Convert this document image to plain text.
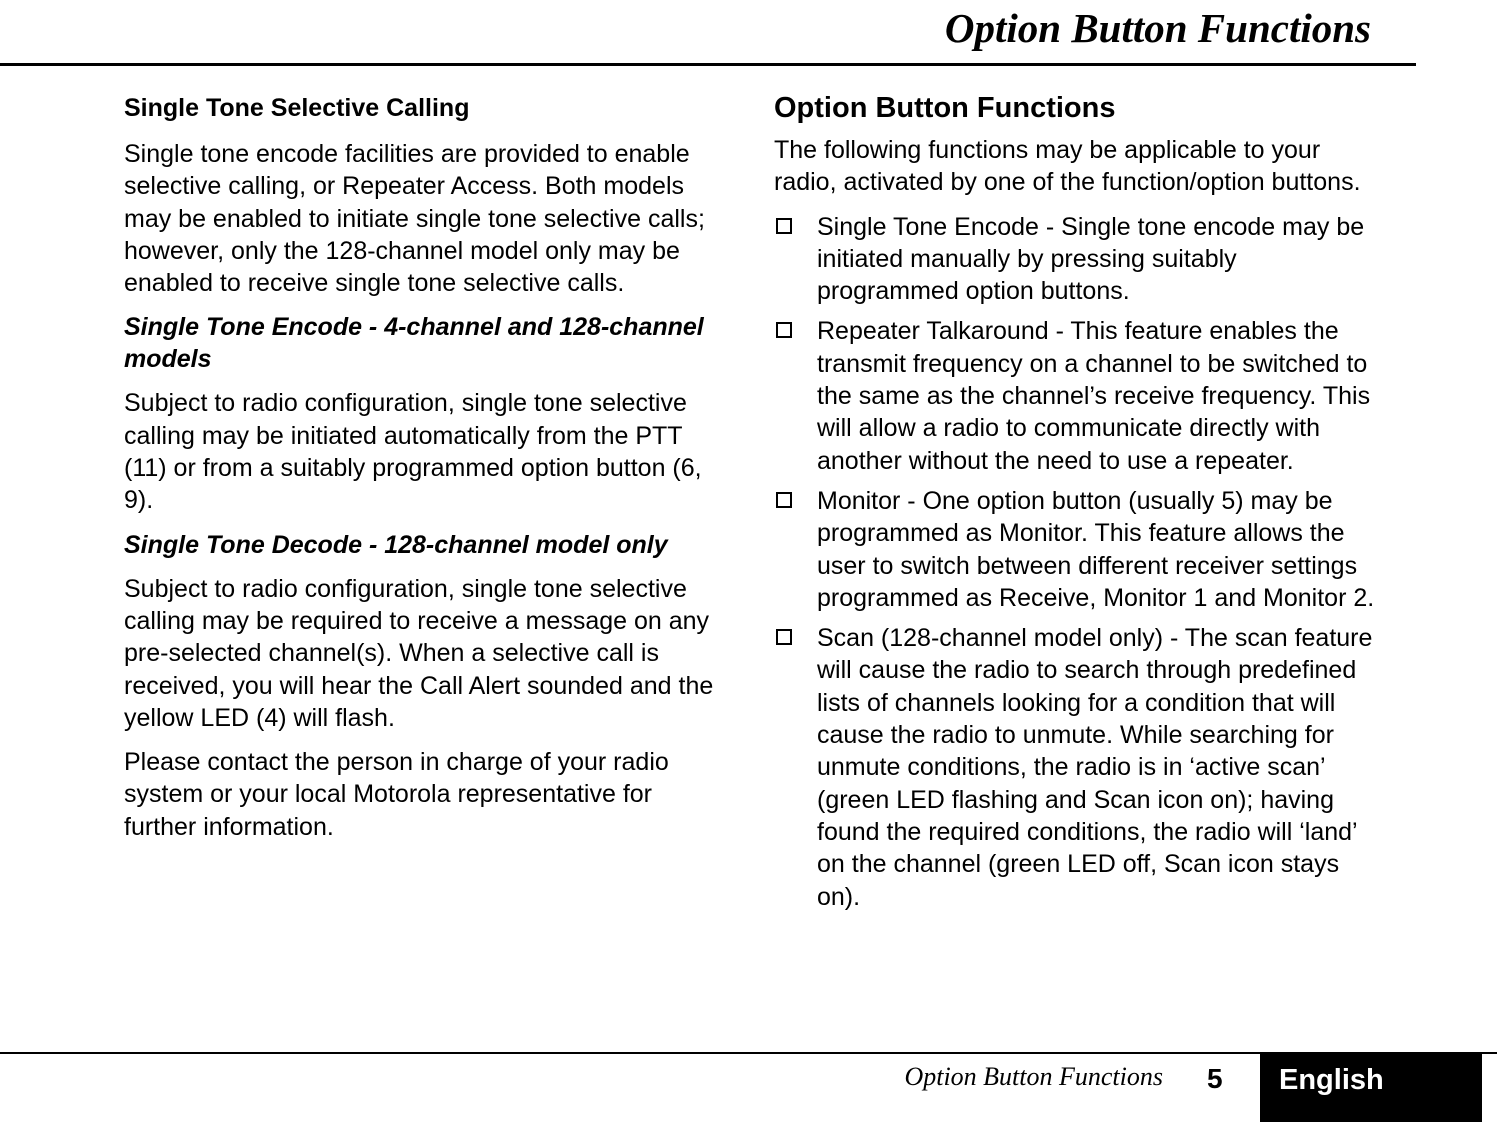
Option Button Functions
Single Tone Selective Calling

Single tone encode facilities are provided to enable selective calling, or Repeater Access. Both models may be enabled to initiate single tone selective calls; however, only the 128-channel model only may be enabled to receive single tone selective calls.

Single Tone Encode - 4-channel and 128-channel models

Subject to radio configuration, single tone selective calling may be initiated automatically from the PTT (11) or from a suitably programmed option button (6, 9).

Single Tone Decode - 128-channel model only

Subject to radio configuration, single tone selective calling may be required to receive a message on any pre-selected channel(s). When a selective call is received, you will hear the Call Alert sounded and the yellow LED (4) will flash.

Please contact the person in charge of your radio system or your local Motorola representative for further information.

Option Button Functions

The following functions may be applicable to your radio, activated by one of the function/option buttons.

Single Tone Encode - Single tone encode may be initiated manually by pressing suitably programmed option buttons.
Repeater Talkaround - This feature enables the transmit frequency on a channel to be switched to the same as the channel’s receive frequency. This will allow a radio to communicate directly with another without the need to use a repeater.
Monitor - One option button (usually 5) may be programmed as Monitor. This feature allows the user to switch between different receiver settings programmed as Receive, Monitor 1 and Monitor 2.
Scan (128-channel model only) - The scan feature will cause the radio to search through predefined lists of channels looking for a condition that will cause the radio to unmute. While searching for unmute conditions, the radio is in ‘active scan’ (green LED flashing and Scan icon on); having found the required conditions, the radio will ‘land’ on the channel (green LED off, Scan icon stays on).
Option Button Functions 5 English
